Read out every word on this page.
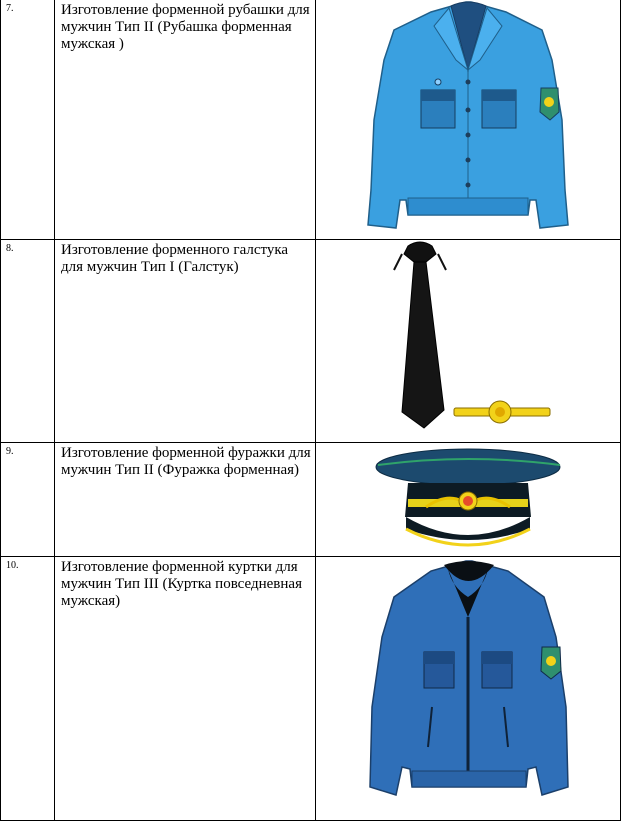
7.	Изготовление форменной рубашки для мужчин Тип II (Рубашка форменная мужская )	

8.	Изготовление форменного галстука для мужчин Тип I (Галстук)	

9.	Изготовление форменной фуражки для мужчин Тип II (Фуражка форменная)	

10.	Изготовление форменной куртки для мужчин Тип III (Куртка повседневная мужская)	
